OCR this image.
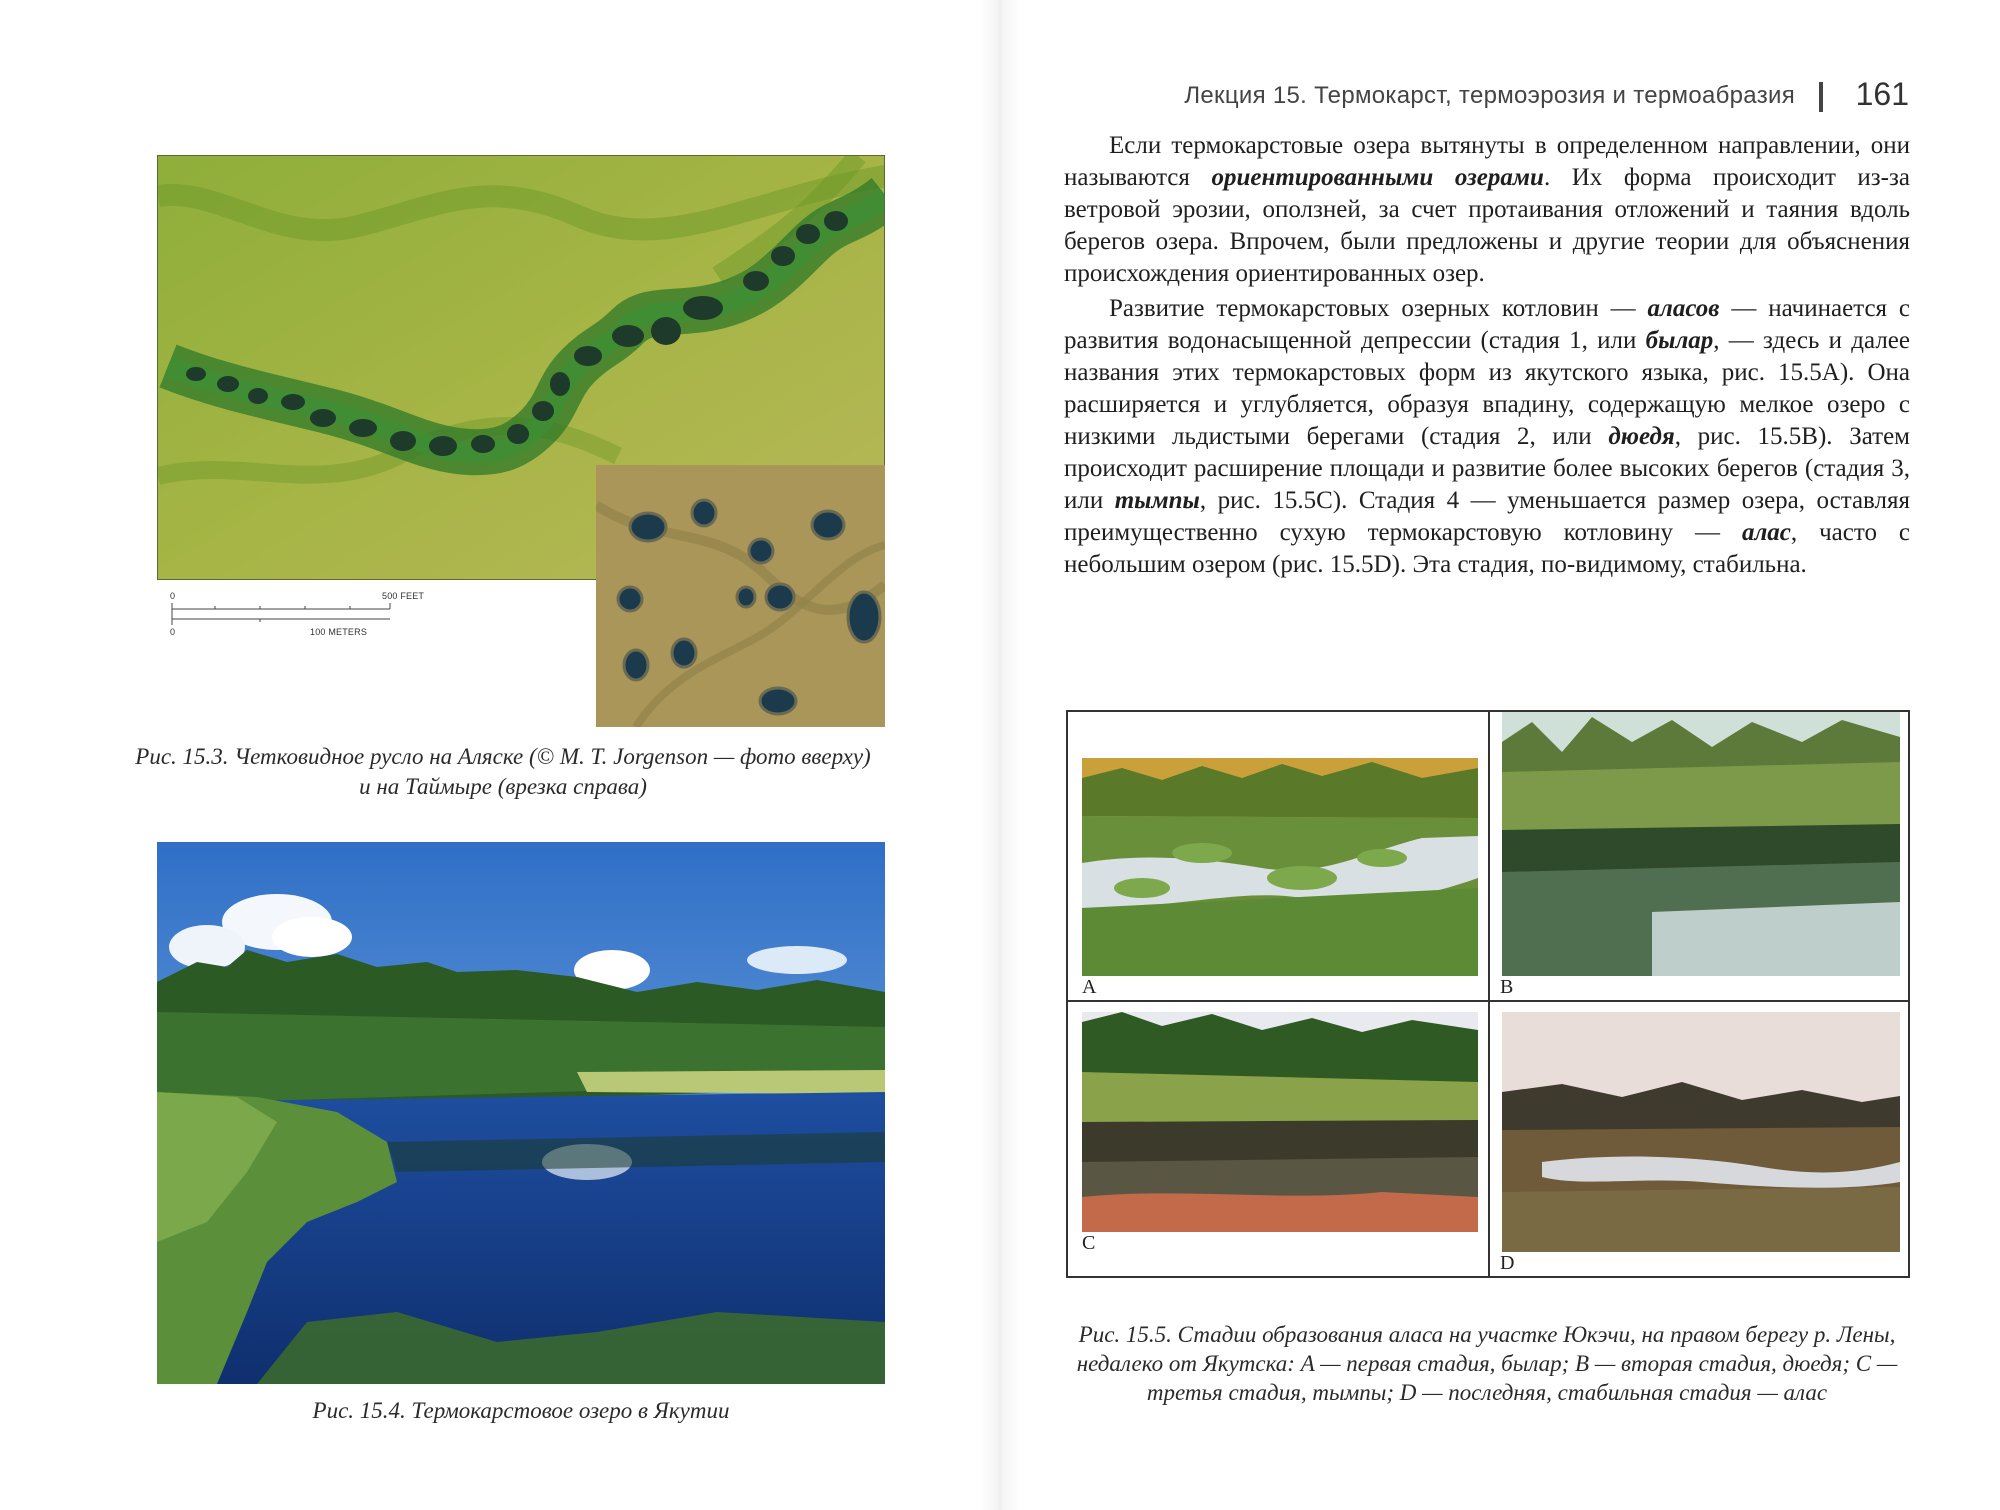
0	500 FEET
0	100 METERS
Рис. 15.3. Четковидное русло на Аляске (© M. T. Jorgenson — фото вверху)
и на Таймыре (врезка справа)
Рис. 15.4. Термокарстовое озеро в Якутии
Лекция 15. Термокарст, термоэрозия и термоабразия 161

Если термокарстовые озера вытянуты в определенном направлении, они называются ориентированными озерами. Их форма происходит из-за ветровой эрозии, оползней, за счет протаивания отложений и таяния вдоль берегов озера. Впрочем, были предложены и другие теории для объяснения происхождения ориентированных озер.

Развитие термокарстовых озерных котловин — аласов — начинается с развития водонасыщенной депрессии (стадия 1, или былар, — здесь и далее названия этих термокарстовых форм из якутского языка, рис. 15.5A). Она расширяется и углубляется, образуя впадину, содержащую мелкое озеро с низкими льдистыми берегами (стадия 2, или дюедя, рис. 15.5B). Затем происходит расширение площади и развитие более высоких берегов (стадия 3, или тымпы, рис. 15.5C). Стадия 4 — уменьшается размер озера, оставляя преимущественно сухую термокарстовую котловину — алас, часто с небольшим озером (рис. 15.5D). Эта стадия, по-видимому, стабильна.

A	B
C
D
Рис. 15.5. Стадии образования аласа на участке Юкэчи, на правом берегу р. Лены, недалеко от Якутска: A — первая стадия, былар; B — вторая стадия, дюедя; C — третья стадия, тымпы; D — последняя, стабильная стадия — алас
